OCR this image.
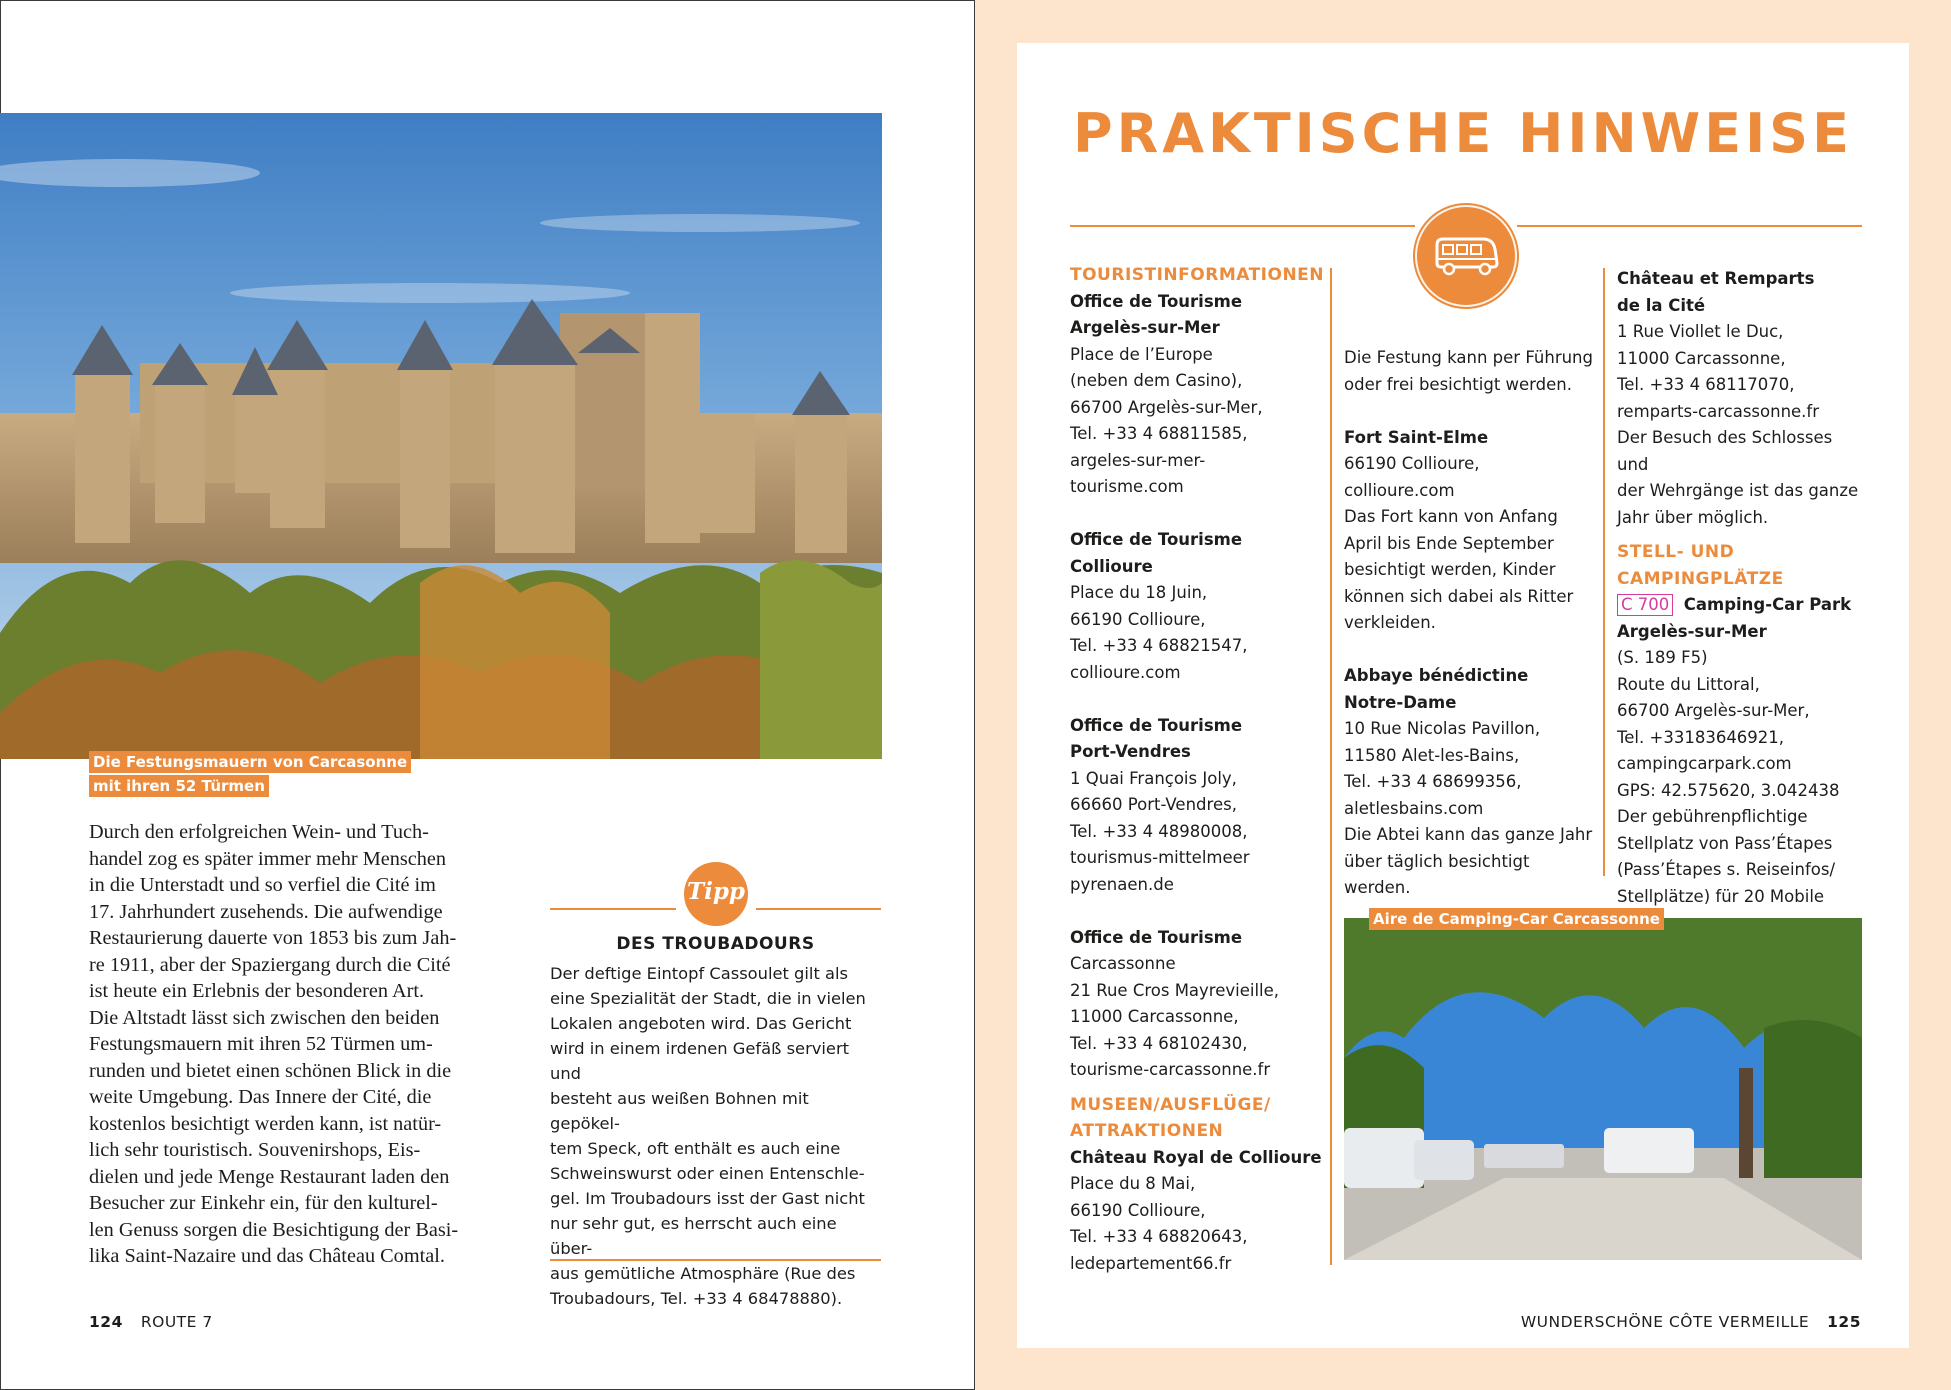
Die Festungsmauern von Carcasonne
mit ihren 52 Türmen
Durch den erfolgreichen Wein- und Tuch-
handel zog es später immer mehr Menschen
in die Unterstadt und so verfiel die Cité im
17. Jahrhundert zusehends. Die aufwendige
Restaurierung dauerte von 1853 bis zum Jah-
re 1911, aber der Spaziergang durch die Cité
ist heute ein Erlebnis der besonderen Art.
Die Altstadt lässt sich zwischen den beiden
Festungsmauern mit ihren 52 Türmen um-
runden und bietet einen schönen Blick in die
weite Umgebung. Das Innere der Cité, die
kostenlos besichtigt werden kann, ist natür-
lich sehr touristisch. Souvenirshops, Eis-
dielen und jede Menge Restaurant laden den
Besucher zur Einkehr ein, für den kulturel-
len Genuss sorgen die Besichtigung der Basi-
lika Saint-Nazaire und das Château Comtal.
Tipp
DES TROUBADOURS
Der deftige Eintopf Cassoulet gilt als
eine Spezialität der Stadt, die in vielen
Lokalen angeboten wird. Das Gericht
wird in einem irdenen Gefäß serviert und
besteht aus weißen Bohnen mit gepökel-
tem Speck, oft enthält es auch eine
Schweinswurst oder einen Entenschle-
gel. Im Troubadours isst der Gast nicht
nur sehr gut, es herrscht auch eine über-
aus gemütliche Atmosphäre (Rue des
Troubadours, Tel. +33 4 68478880).
124 ROUTE 7
PRAKTISCHE HINWEISE
TOURISTINFORMATIONEN
Office de Tourisme
Argelès-sur-Mer
Place de l’Europe
(neben dem Casino),
66700 Argelès-sur-Mer,
Tel. +33 4 68811585,
argeles-sur-mer-
tourisme.com
Office de Tourisme Collioure
Place du 18 Juin,
66190 Collioure,
Tel. +33 4 68821547,
collioure.com
Office de Tourisme
Port-Vendres
1 Quai François Joly,
66660 Port-Vendres,
Tel. +33 4 48980008,
tourismus-mittelmeer
pyrenaen.de
Office de Tourisme
Carcassonne
21 Rue Cros Mayrevieille,
11000 Carcassonne,
Tel. +33 4 68102430,
tourisme-carcassonne.fr
MUSEEN/AUSFLÜGE/
ATTRAKTIONEN
Château Royal de Collioure
Place du 8 Mai,
66190 Collioure,
Tel. +33 4 68820643,
ledepartement66.fr
Die Festung kann per Führung
oder frei besichtigt werden.
Fort Saint-Elme
66190 Collioure,
collioure.com
Das Fort kann von Anfang
April bis Ende September
besichtigt werden, Kinder
können sich dabei als Ritter
verkleiden.
Abbaye bénédictine
Notre-Dame
10 Rue Nicolas Pavillon,
11580 Alet-les-Bains,
Tel. +33 4 68699356,
aletlesbains.com
Die Abtei kann das ganze Jahr
über täglich besichtigt werden.
Aire de Camping-Car Carcassonne
Château et Remparts
de la Cité
1 Rue Viollet le Duc,
11000 Carcassonne,
Tel. +33 4 68117070,
remparts-carcassonne.fr
Der Besuch des Schlosses und
der Wehrgänge ist das ganze
Jahr über möglich.
STELL- UND
CAMPINGPLÄTZE
C 700 Camping-Car Park
Argelès-sur-Mer
(S. 189 F5)
Route du Littoral,
66700 Argelès-sur-Mer,
Tel. +33183646921,
campingcarpark.com
GPS: 42.575620, 3.042438
Der gebührenpflichtige
Stellplatz von Pass’Étapes
(Pass’Étapes s. Reiseinfos/
Stellplätze) für 20 Mobile
WUNDERSCHÖNE CÔTE VERMEILLE 125
